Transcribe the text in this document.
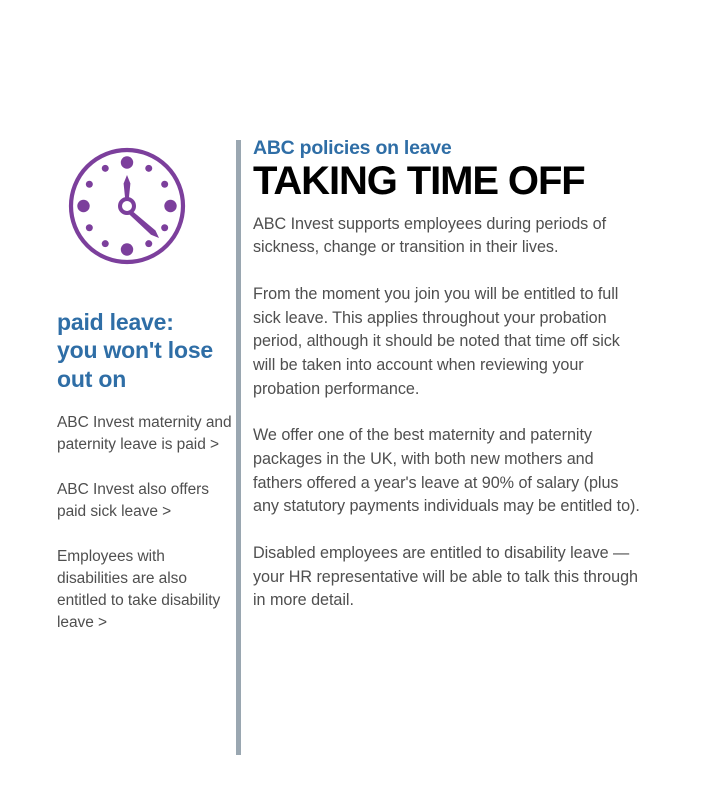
paid leave:
you won't lose
out on
ABC Invest maternity and paternity leave is paid >
ABC Invest also offers paid sick leave >
Employees with disabilities are also entitled to take disability leave >
ABC policies on leave
TAKING TIME OFF

ABC Invest supports employees during periods of sickness, change or transition in their lives.

From the moment you join you will be entitled to full sick leave. This applies throughout your probation period, although it should be noted that time off sick will be taken into account when reviewing your probation performance.

We offer one of the best maternity and paternity packages in the UK, with both new mothers and fathers offered a year's leave at 90% of salary (plus any statutory payments individuals may be entitled to).

Disabled employees are entitled to disability leave — your HR representative will be able to talk this through in more detail.
